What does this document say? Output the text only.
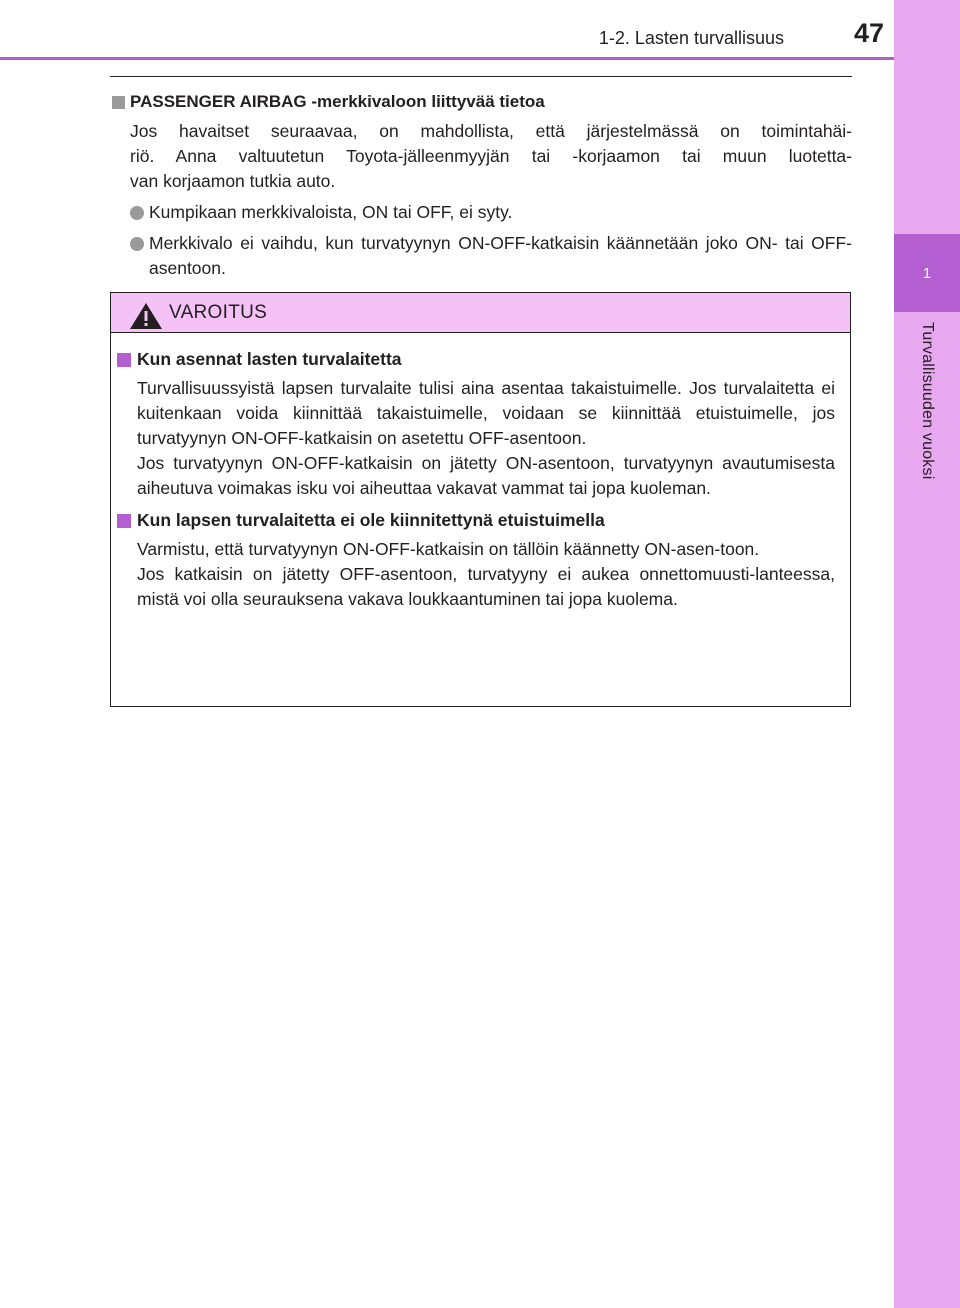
1
Turvallisuuden vuoksi
1-2. Lasten turvallisuus	47
PASSENGER AIRBAG -merkkivaloon liittyvää tietoa
Jos havaitset seuraavaa, on mahdollista, että järjestelmässä on toimintahäi-
riö. Anna valtuutetun Toyota-jälleenmyyjän tai -korjaamon tai muun luotetta-
van korjaamon tutkia auto.
Kumpikaan merkkivaloista, ON tai OFF, ei syty.
Merkkivalo ei vaihdu, kun turvatyynyn ON-OFF-katkaisin käännetään joko ON- tai OFF-asentoon.
VAROITUS
Kun asennat lasten turvalaitetta
Turvallisuussyistä lapsen turvalaite tulisi aina asentaa takaistuimelle. Jos turvalaitetta ei kuitenkaan voida kiinnittää takaistuimelle, voidaan se kiinnittää etuistuimelle, jos turvatyynyn ON-OFF-katkaisin on asetettu OFF-asentoon.
Jos turvatyynyn ON-OFF-katkaisin on jätetty ON-asentoon, turvatyynyn avautumisesta aiheutuva voimakas isku voi aiheuttaa vakavat vammat tai jopa kuoleman.
Kun lapsen turvalaitetta ei ole kiinnitettynä etuistuimella
Varmistu, että turvatyynyn ON-OFF-katkaisin on tällöin käännetty ON-asen-toon.
Jos katkaisin on jätetty OFF-asentoon, turvatyyny ei aukea onnettomuusti-lanteessa, mistä voi olla seurauksena vakava loukkaantuminen tai jopa kuolema.
